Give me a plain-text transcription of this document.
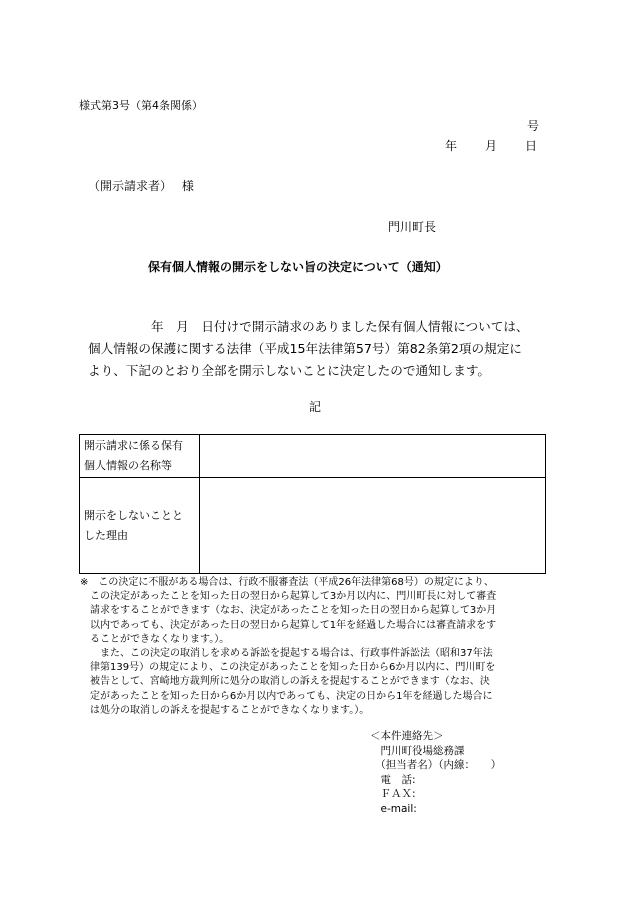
様式第3号（第4条関係）
号
年 月 日
（開示請求者）　 様
門川町長
保有個人情報の開示をしない旨の決定について（通知）
　　　　　年　月　日付けで開示請求のありました保有個人情報については、
個人情報の保護に関する法律（平成15年法律第57号）第82条第2項の規定に
より、下記のとおり全部を開示しないことに決定したので通知します。
記
開示請求に係る保有
個人情報の名称等	

開示をしないことと
した理由	

※　この決定に不服がある場合は、行政不服審査法（平成26年法律第68号）の規定により、
　この決定があったことを知った日の翌日から起算して3か月以内に、門川町長に対して審査
　請求をすることができます（なお、決定があったことを知った日の翌日から起算して3か月
　以内であっても、決定があった日の翌日から起算して1年を経過した場合には審査請求をす
　ることができなくなります。）。
　　また、この決定の取消しを求める訴訟を提起する場合は、行政事件訴訟法（昭和37年法
　律第139号）の規定により、この決定があったことを知った日から6か月以内に、門川町を
　被告として、宮崎地方裁判所に処分の取消しの訴えを提起することができます（なお、決
　定があったことを知った日から6か月以内であっても、決定の日から1年を経過した場合に
　は処分の取消しの訴えを提起することができなくなります。）。
＜本件連絡先＞
　門川町役場総務課
　（担当者名）（内線：　　）
　電　話:
　ＦＡＸ:
　e-mail:
